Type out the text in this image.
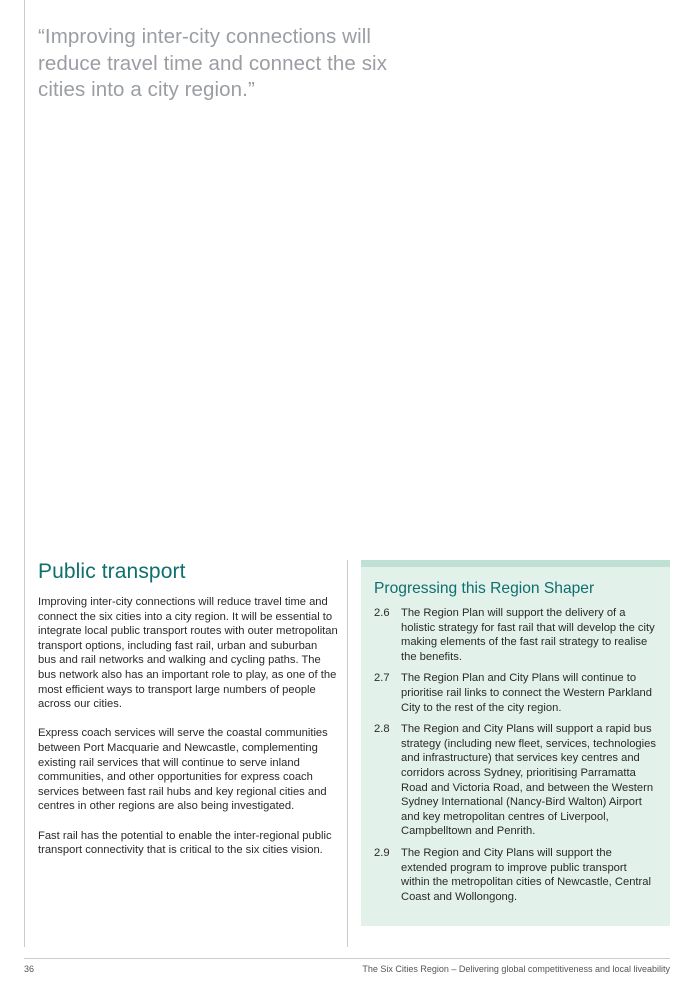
“Improving inter-city connections will reduce travel time and connect the six cities into a city region.”

Public transport

Improving inter-city connections will reduce travel time and connect the six cities into a city region. It will be essential to integrate local public transport routes with outer metropolitan transport options, including fast rail, urban and suburban bus and rail networks and walking and cycling paths. The bus network also has an important role to play, as one of the most efficient ways to transport large numbers of people across our cities.

Express coach services will serve the coastal communities between Port Macquarie and Newcastle, complementing existing rail services that will continue to serve inland communities, and other opportunities for express coach services between fast rail hubs and key regional cities and centres in other regions are also being investigated.

Fast rail has the potential to enable the inter-regional public transport connectivity that is critical to the six cities vision.

Progressing this Region Shaper
2.6	The Region Plan will support the delivery of a holistic strategy for fast rail that will develop the city making elements of the fast rail strategy to realise the benefits.
2.7	The Region Plan and City Plans will continue to prioritise rail links to connect the Western Parkland City to the rest of the city region.
2.8	The Region and City Plans will support a rapid bus strategy (including new fleet, services, technologies and infrastructure) that services key centres and corridors across Sydney, prioritising Parramatta Road and Victoria Road, and between the Western Sydney International (Nancy-Bird Walton) Airport and key metropolitan centres of Liverpool, Campbelltown and Penrith.
2.9	The Region and City Plans will support the extended program to improve public transport within the metropolitan cities of Newcastle, Central Coast and Wollongong.
36	The Six Cities Region – Delivering global competitiveness and local liveability
